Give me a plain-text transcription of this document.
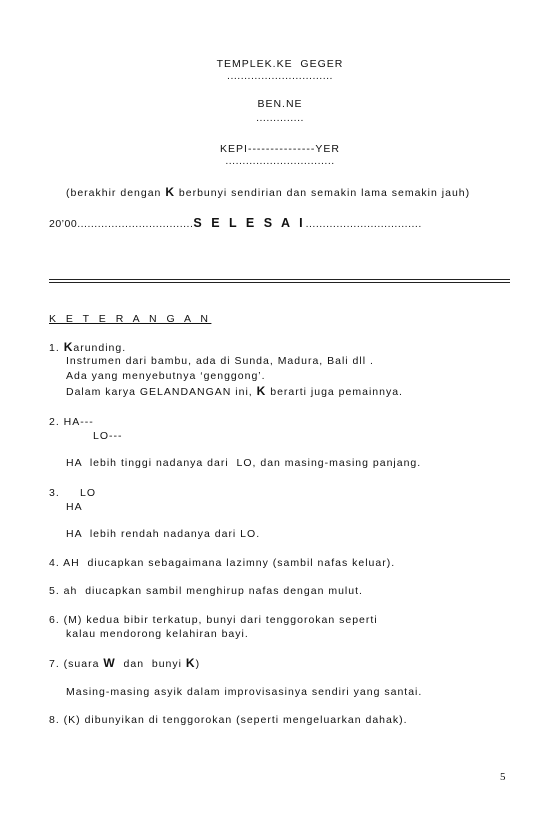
TEMPLEK.KE  GEGER
...............................
BEN.NE
..............
KEPI---------------YER
................................
(berakhir dengan K berbunyi sendirian dan semakin lama semakin jauh)
20’00..................................S E L E S A I..................................
K E T E R A N G A N
1. Karunding.
Instrumen dari bambu, ada di Sunda, Madura, Bali dll .
Ada yang menyebutnya ‘genggong’.
Dalam karya GELANDANGAN ini, K berarti juga pemainnya.
2. HA---
LO---
HA  lebih tinggi nadanya dari  LO, dan masing-masing panjang.
3. LO
HA
HA  lebih rendah nadanya dari LO.
4. AH  diucapkan sebagaimana lazimny (sambil nafas keluar).
5. ah  diucapkan sambil menghirup nafas dengan mulut.
6. (M) kedua bibir terkatup, bunyi dari tenggorokan seperti
kalau mendorong kelahiran bayi.
7. (suara W  dan  bunyi K)
Masing-masing asyik dalam improvisasinya sendiri yang santai.
8. (K) dibunyikan di tenggorokan (seperti mengeluarkan dahak).
5
